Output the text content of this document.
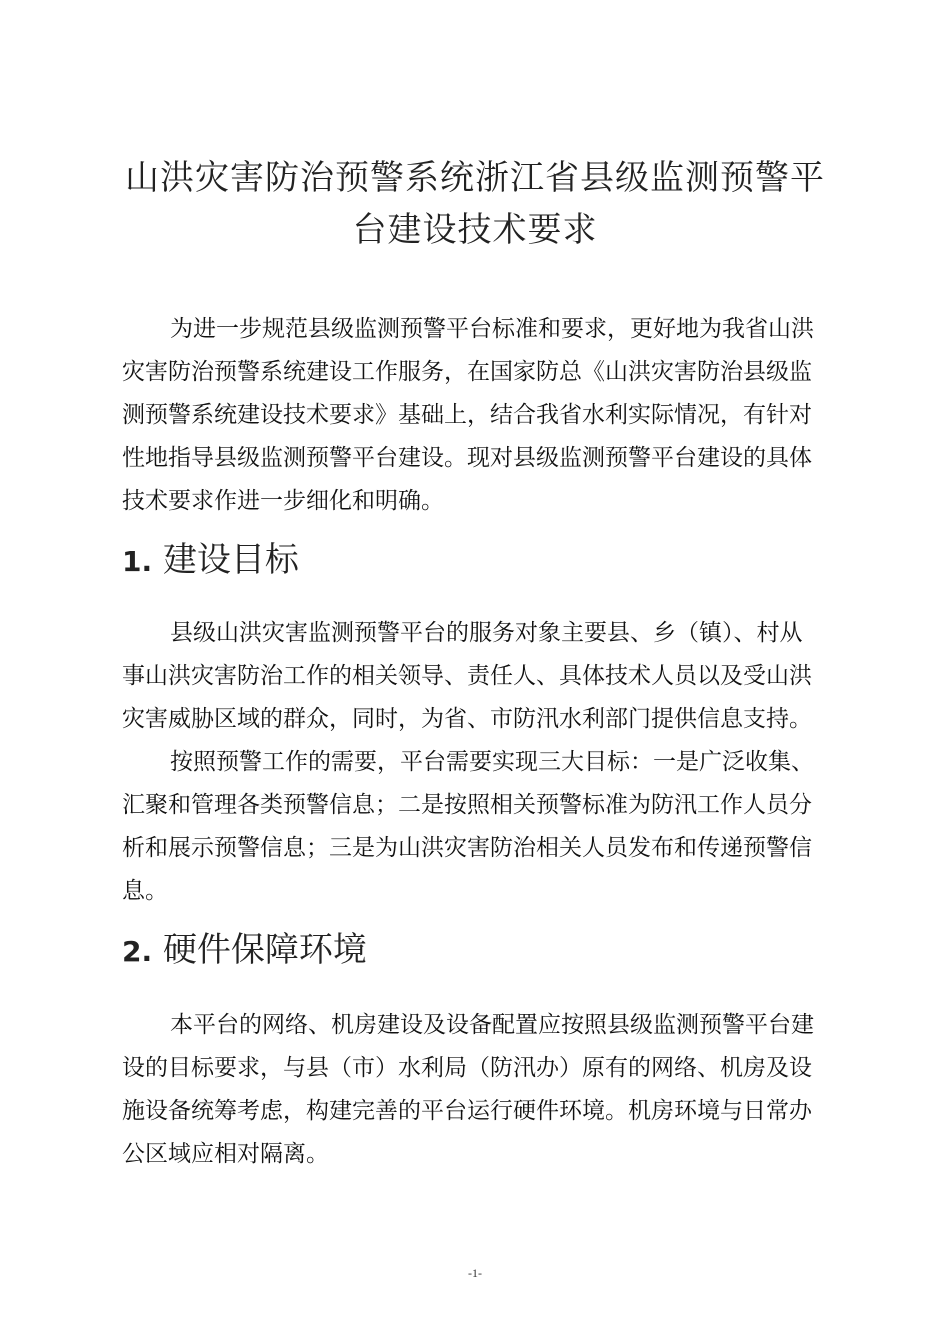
山洪灾害防治预警系统浙江省县级监测预警平
台建设技术要求
为进一步规范县级监测预警平台标准和要求，更好地为我省山洪
灾害防治预警系统建设工作服务，在国家防总《山洪灾害防治县级监
测预警系统建设技术要求》基础上，结合我省水利实际情况，有针对
性地指导县级监测预警平台建设。现对县级监测预警平台建设的具体
技术要求作进一步细化和明确。
1. 建设目标
县级山洪灾害监测预警平台的服务对象主要县、乡（镇）、村从
事山洪灾害防治工作的相关领导、责任人、具体技术人员以及受山洪
灾害威胁区域的群众，同时，为省、市防汛水利部门提供信息支持。
按照预警工作的需要，平台需要实现三大目标：一是广泛收集、
汇聚和管理各类预警信息；二是按照相关预警标准为防汛工作人员分
析和展示预警信息；三是为山洪灾害防治相关人员发布和传递预警信
息。
2. 硬件保障环境
本平台的网络、机房建设及设备配置应按照县级监测预警平台建
设的目标要求，与县（市）水利局（防汛办）原有的网络、机房及设
施设备统筹考虑，构建完善的平台运行硬件环境。机房环境与日常办
公区域应相对隔离。
-1-
